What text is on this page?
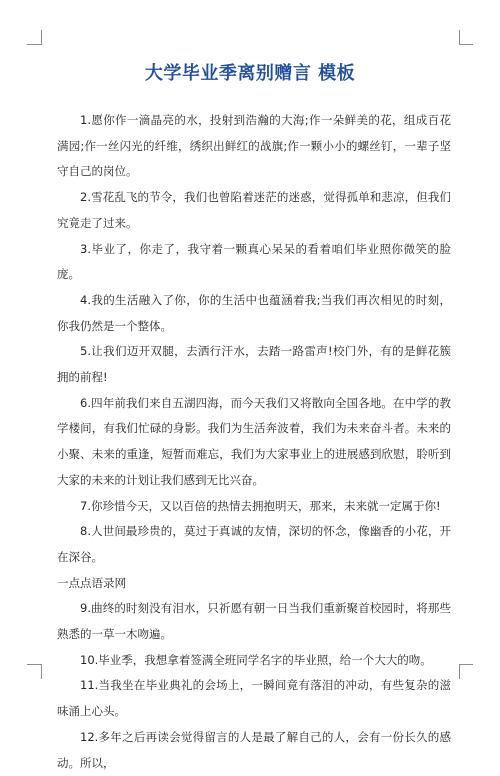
大学毕业季离别赠言 模板

1.愿你作一滴晶亮的水，投射到浩瀚的大海;作一朵鲜美的花，组成百花满园;作一丝闪光的纤维，绣织出鲜红的战旗;作一颗小小的螺丝钉，一辈子坚守自己的岗位。

2.雪花乱飞的节令，我们也曾陷着迷茫的迷惑，觉得孤单和悲凉，但我们究竟走了过来。

3.毕业了，你走了，我守着一颗真心呆呆的看着咱们毕业照你微笑的脸庞。

4.我的生活融入了你，你的生活中也蕴涵着我;当我们再次相见的时刻，你我仍然是一个整体。

5.让我们迈开双腿，去洒行汗水，去踏一路雷声!校门外，有的是鲜花簇拥的前程!

6.四年前我们来自五湖四海，而今天我们又将散向全国各地。在中学的教学楼间，有我们忙碌的身影。我们为生活奔波着，我们为未来奋斗者。未来的小聚、未来的重逢，短暂而难忘，我们为大家事业上的进展感到欣慰，聆听到大家的未来的计划让我们感到无比兴奋。

7.你珍惜今天，又以百倍的热情去拥抱明天，那来，未来就一定属于你!

8.人世间最珍贵的，莫过于真诚的友情，深切的怀念，像幽香的小花，开在深谷。

一点点语录网

9.曲终的时刻没有泪水，只祈愿有朝一日当我们重新聚首校园时，将那些熟悉的一草一木吻遍。

10.毕业季，我想拿着签满全班同学名字的毕业照，给一个大大的吻。

11.当我坐在毕业典礼的会场上，一瞬间竟有落泪的冲动，有些复杂的滋味涌上心头。

12.多年之后再读会觉得留言的人是最了解自己的人，会有一份长久的感动。所以，
